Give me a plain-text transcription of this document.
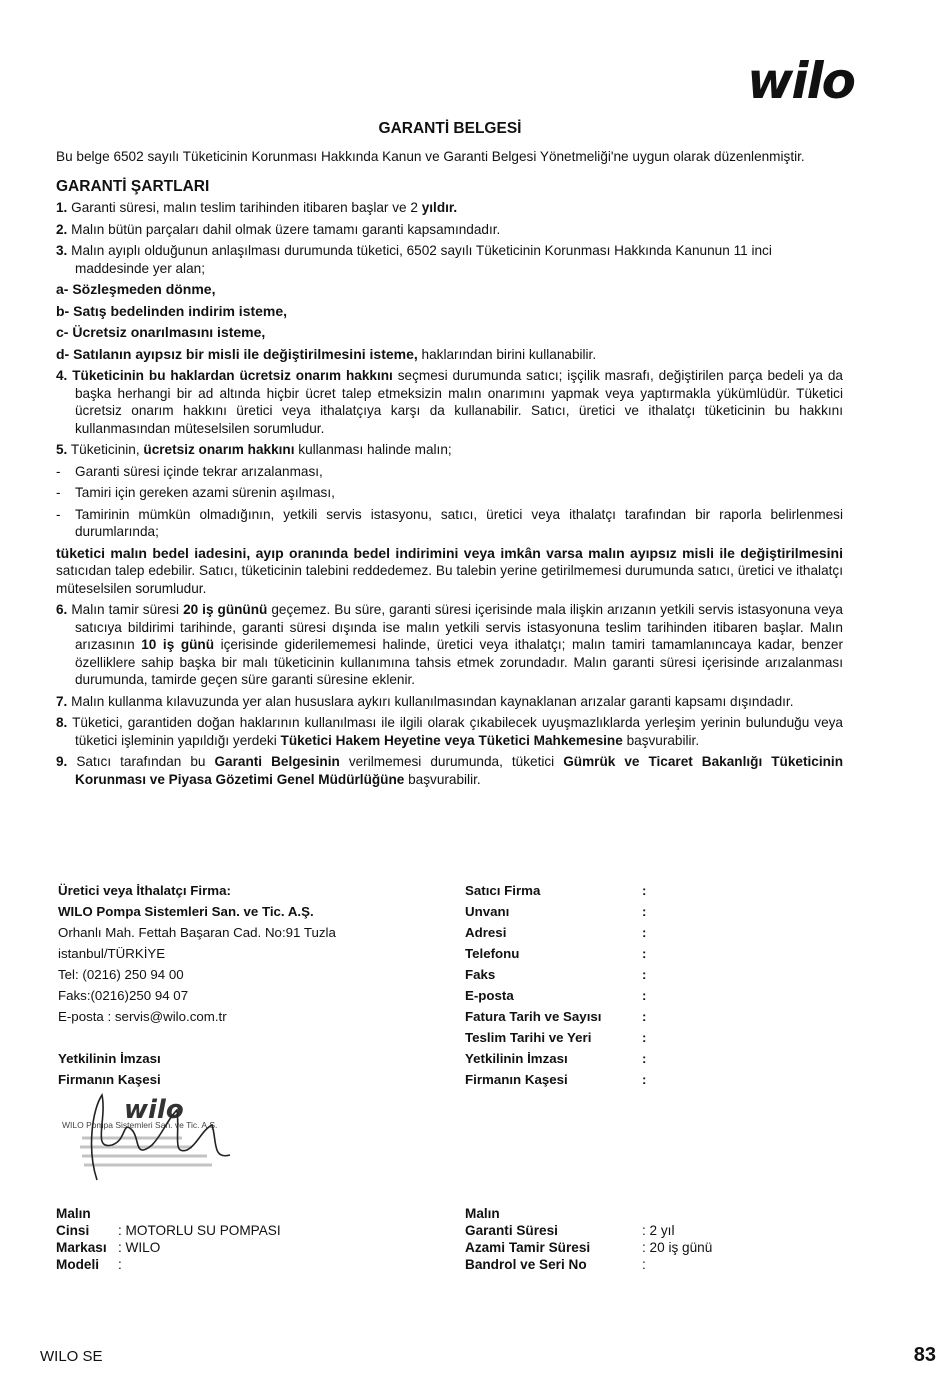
wilo
GARANTİ BELGESİ

Bu belge 6502 sayılı Tüketicinin Korunması Hakkında Kanun ve Garanti Belgesi Yönetmeliği'ne uygun olarak düzenlenmiştir.

GARANTİ ŞARTLARI

1. Garanti süresi, malın teslim tarihinden itibaren başlar ve 2 yıldır.

2. Malın bütün parçaları dahil olmak üzere tamamı garanti kapsamındadır.

3. Malın ayıplı olduğunun anlaşılması durumunda tüketici, 6502 sayılı Tüketicinin Korunması Hakkında Kanunun 11 inci maddesinde yer alan;

a- Sözleşmeden dönme,

b- Satış bedelinden indirim isteme,

c- Ücretsiz onarılmasını isteme,

d- Satılanın ayıpsız bir misli ile değiştirilmesini isteme, haklarından birini kullanabilir.

4. Tüketicinin bu haklardan ücretsiz onarım hakkını seçmesi durumunda satıcı; işçilik masrafı, değiştirilen parça bedeli ya da başka herhangi bir ad altında hiçbir ücret talep etmeksizin malın onarımını yapmak veya yaptırmakla yükümlüdür. Tüketici ücretsiz onarım hakkını üretici veya ithalatçıya karşı da kullanabilir. Satıcı, üretici ve ithalatçı tüketicinin bu hakkını kullanmasından müteselsilen sorumludur.

5. Tüketicinin, ücretsiz onarım hakkını kullanması halinde malın;

- Garanti süresi içinde tekrar arızalanması,

- Tamiri için gereken azami sürenin aşılması,

- Tamirinin mümkün olmadığının, yetkili servis istasyonu, satıcı, üretici veya ithalatçı tarafından bir raporla belirlenmesi durumlarında;

tüketici malın bedel iadesini, ayıp oranında bedel indirimini veya imkân varsa malın ayıpsız misli ile değiştirilmesini satıcıdan talep edebilir. Satıcı, tüketicinin talebini reddedemez. Bu talebin yerine getirilmemesi durumunda satıcı, üretici ve ithalatçı müteselsilen sorumludur.

6. Malın tamir süresi 20 iş gününü geçemez. Bu süre, garanti süresi içerisinde mala ilişkin arızanın yetkili servis istasyonuna veya satıcıya bildirimi tarihinde, garanti süresi dışında ise malın yetkili servis istasyonuna teslim tarihinden itibaren başlar. Malın arızasının 10 iş günü içerisinde giderilememesi halinde, üretici veya ithalatçı; malın tamiri tamamlanıncaya kadar, benzer özelliklere sahip başka bir malı tüketicinin kullanımına tahsis etmek zorundadır. Malın garanti süresi içerisinde arızalanması durumunda, tamirde geçen süre garanti süresine eklenir.

7. Malın kullanma kılavuzunda yer alan hususlara aykırı kullanılmasından kaynaklanan arızalar garanti kapsamı dışındadır.

8. Tüketici, garantiden doğan haklarının kullanılması ile ilgili olarak çıkabilecek uyuşmazlıklarda yerleşim yerinin bulunduğu veya tüketici işleminin yapıldığı yerdeki Tüketici Hakem Heyetine veya Tüketici Mahkemesine başvurabilir.

9. Satıcı tarafından bu Garanti Belgesinin verilmemesi durumunda, tüketici Gümrük ve Ticaret Bakanlığı Tüketicinin Korunması ve Piyasa Gözetimi Genel Müdürlüğüne başvurabilir.

Üretici veya İthalatçı Firma:
WILO Pompa Sistemleri San. ve Tic. A.Ş.
Orhanlı Mah. Fettah Başaran Cad. No:91 Tuzla
istanbul/TÜRKİYE
Tel: (0216) 250 94 00
Faks:(0216)250 94 07
E-posta : servis@wilo.com.tr
Yetkilinin İmzası
Firmanın Kaşesi
Satıcı Firma	:
Unvanı	:
Adresi	:
Telefonu	:
Faks	:
E-posta	:
Fatura Tarih ve Sayısı	:
Teslim Tarihi ve Yeri	:
Yetkilinin İmzası	:
Firmanın Kaşesi	:
wilo
WILO Pompa Sistemleri San. ve Tic. A.Ş.
Malın
Cinsi : MOTORLU SU POMPASI
Markası : WILO
Modeli :
Malın
Garanti Süresi	: 2 yıl
Azami Tamir Süresi	: 20 iş günü
Bandrol ve Seri No	:
WILO SE	83
